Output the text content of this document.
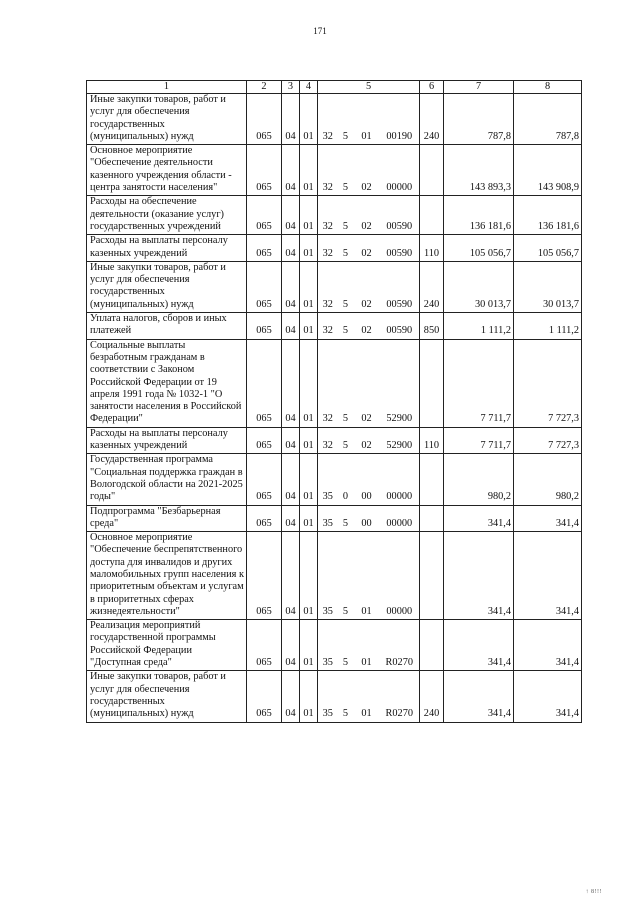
171
1	2	3	4	5				6	7	8
Иные закупки товаров, работ и услуг для обеспечения государственных (муниципальных) нужд	065	04	01	32	5	01	00190	240	787,8	787,8
Основное мероприятие "Обеспечение деятельности казенного учреждения области - центра занятости населения"	065	04	01	32	5	02	00000		143 893,3	143 908,9
Расходы на обеспечение деятельности (оказание услуг) государственных учреждений	065	04	01	32	5	02	00590		136 181,6	136 181,6
Расходы на выплаты персоналу казенных учреждений	065	04	01	32	5	02	00590	110	105 056,7	105 056,7
Иные закупки товаров, работ и услуг для обеспечения государственных (муниципальных) нужд	065	04	01	32	5	02	00590	240	30 013,7	30 013,7
Уплата налогов, сборов и иных платежей	065	04	01	32	5	02	00590	850	1 111,2	1 111,2
Социальные выплаты безработным гражданам в соответствии с Законом Российской Федерации от 19 апреля 1991 года № 1032-1 "О занятости населения в Российской Федерации"	065	04	01	32	5	02	52900		7 711,7	7 727,3
Расходы на выплаты персоналу казенных учреждений	065	04	01	32	5	02	52900	110	7 711,7	7 727,3
Государственная программа "Социальная поддержка граждан в Вологодской области на 2021-2025 годы"	065	04	01	35	0	00	00000		980,2	980,2
Подпрограмма "Безбарьерная среда"	065	04	01	35	5	00	00000		341,4	341,4
Основное мероприятие "Обеспечение беспрепятственного доступа для инвалидов и других маломобильных групп населения к приоритетным объектам и услугам в приоритетных сферах жизнедеятельности"	065	04	01	35	5	01	00000		341,4	341,4
Реализация мероприятий государственной программы Российской Федерации "Доступная среда"	065	04	01	35	5	01	R0270		341,4	341,4
Иные закупки товаров, работ и услуг для обеспечения государственных (муниципальных) нужд	065	04	01	35	5	01	R0270	240	341,4	341,4
↑ 8!!!
